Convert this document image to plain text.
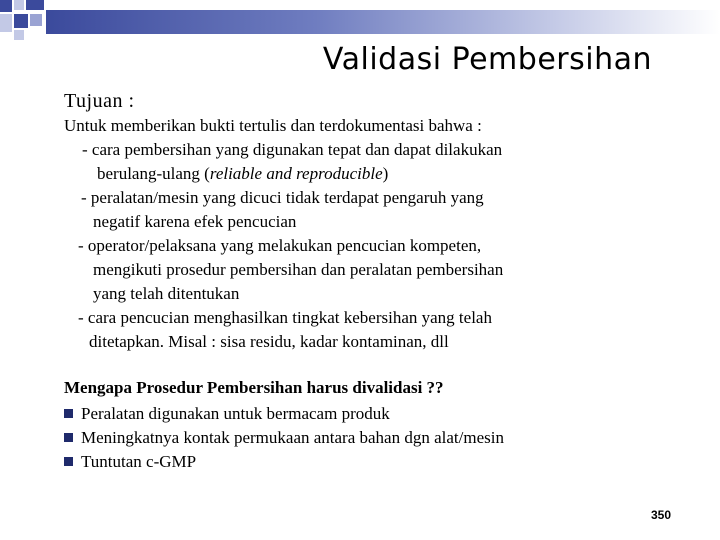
Validasi Pembersihan
Tujuan :
Untuk memberikan bukti tertulis dan terdokumentasi bahwa :
- cara pembersihan yang digunakan tepat dan dapat dilakukan
berulang-ulang (reliable and reproducible)
- peralatan/mesin yang dicuci tidak terdapat pengaruh yang
negatif karena efek pencucian
- operator/pelaksana yang melakukan pencucian kompeten,
mengikuti prosedur pembersihan dan peralatan pembersihan
yang telah ditentukan
- cara pencucian menghasilkan tingkat kebersihan yang telah
ditetapkan. Misal : sisa residu, kadar kontaminan, dll
Mengapa Prosedur Pembersihan harus divalidasi ??
Peralatan digunakan untuk bermacam produk
Meningkatnya kontak permukaan antara bahan dgn alat/mesin
Tuntutan c-GMP
350
